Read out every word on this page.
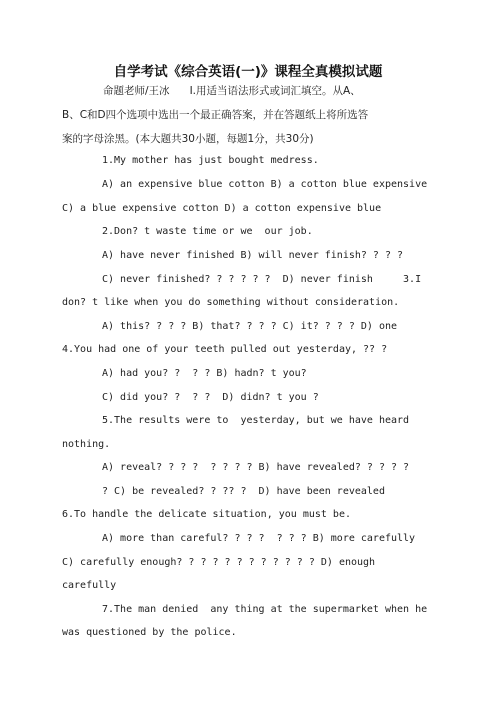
自学考试《综合英语(一)》课程全真模拟试题
命题老师/王冰      Ⅰ.用适当语法形式或词汇填空。从A、
B、C和D四个选项中选出一个最正确答案，并在答题纸上将所选答
案的字母涂黑。(本大题共30小题，每题1分，共30分)
1.My mother has just bought medress.
A) an expensive blue cotton B) a cotton blue expensive
C) a blue expensive cotton D) a cotton expensive blue
2.Don? t waste time or we  our job.
A) have never finished B) will never finish? ? ? ?
C) never finished? ? ? ? ? ?  D) never finish     3.I
don? t like when you do something without consideration.
A) this? ? ? ? B) that? ? ? ? C) it? ? ? ? D) one
4.You had one of your teeth pulled out yesterday, ?? ?
A) had you? ?  ? ? B) hadn? t you?
C) did you? ?  ? ?  D) didn? t you ?
5.The results were to  yesterday, but we have heard
nothing.
A) reveal? ? ? ?  ? ? ? ? B) have revealed? ? ? ? ?
? C) be revealed? ? ?? ?  D) have been revealed
6.To handle the delicate situation, you must be.
A) more than careful? ? ? ?  ? ? ? B) more carefully
C) carefully enough? ? ? ? ? ? ? ? ? ? ? ? D) enough
carefully
7.The man denied  any thing at the supermarket when he
was questioned by the police.
